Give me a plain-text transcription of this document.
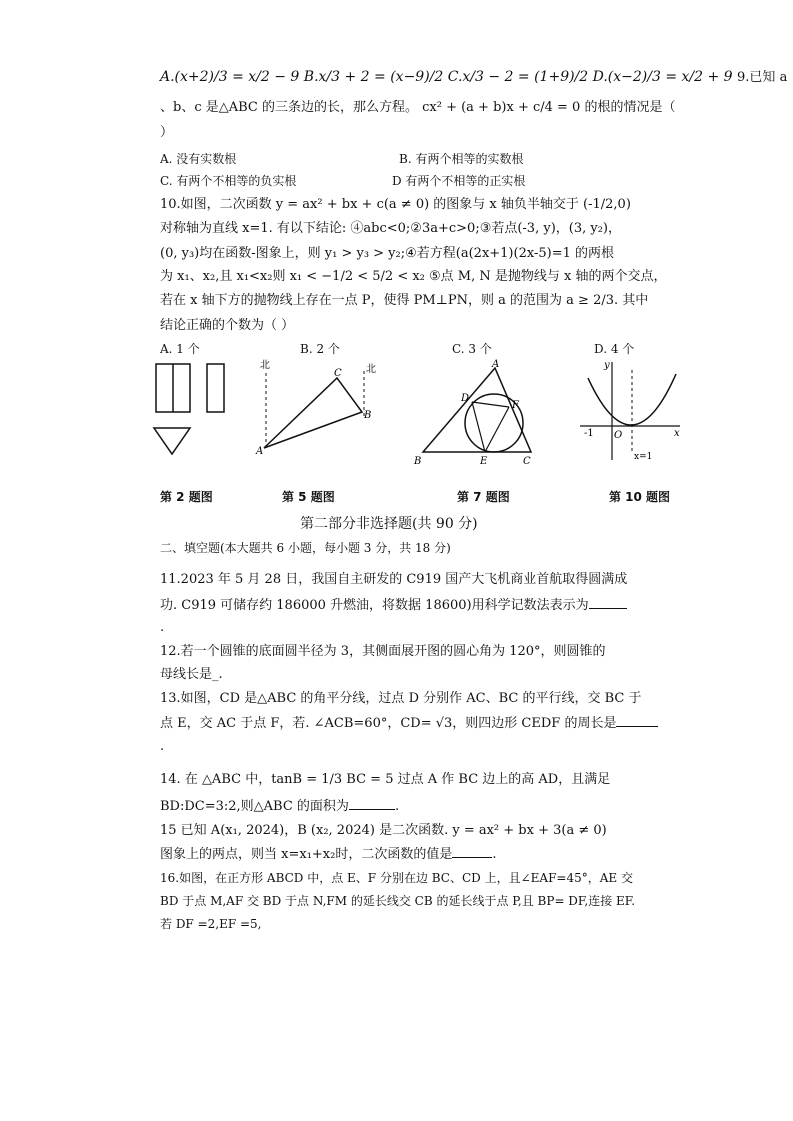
A.(x+2)/3 = x/2 − 9 B.x/3 + 2 = (x−9)/2 C.x/3 − 2 = (1+9)/2 D.(x−2)/3 = x/2 + 9 9.已知 a
、b、c 是△ABC 的三条边的长，那么方程。 cx² + (a + b)x + c/4 = 0 的根的情况是（
）
A. 没有实数根	B. 有两个相等的实数根
C. 有两个不相等的负实根	D 有两个不相等的正实根
10.如图，二次函数 y = ax² + bx + c(a ≠ 0) 的图象与 x 轴负半轴交于 (-1/2,0)
对称轴为直线 x=1. 有以下结论: ④abc<0;②3a+c>0;③若点(-3, y)，(3, y₂)，
(0, y₃)均在函数-图象上，则 y₁ > y₃ > y₂;④若方程(a(2x+1)(2x-5)=1 的两根
为 x₁、x₂,且 x₁<x₂则 x₁ < −1/2 < 5/2 < x₂ ⑤点 M, N 是抛物线与 x 轴的两个交点，
若在 x 轴下方的抛物线上存在一点 P，使得 PM⊥PN，则 a 的范围为 a ≥ 2/3. 其中
结论正确的个数为（ ）
A. 1 个	B. 2 个	C. 3 个	D. 4 个
北	北
A
B
C
A
B	C
D
E
F
y
x
-1 O
x=1
第 2 题图	第 5 题图	第 7 题图	第 10 题图
第二部分非选择题(共 90 分)
二、填空题(本大题共 6 小题，每小题 3 分，共 18 分)
11.2023 年 5 月 28 日，我国自主研发的 C919 国产大飞机商业首航取得圆满成
功. C919 可储存约 186000 升燃油，将数据 18600)用科学记数法表示为
.
12.若一个圆锥的底面圆半径为 3，其侧面展开图的圆心角为 120°，则圆锥的
母线长是_.
13.如图，CD 是△ABC 的角平分线，过点 D 分别作 AC、BC 的平行线，交 BC 于
点 E，交 AC 于点 F，若. ∠ACB=60°，CD= √3，则四边形 CEDF 的周长是
.
14. 在 △ABC 中，tanB = 1/3 BC = 5 过点 A 作 BC 边上的高 AD，且满足
BD:DC=3:2,则△ABC 的面积为	.
15 已知 A(x₁, 2024)，B (x₂, 2024) 是二次函数. y = ax² + bx + 3(a ≠ 0)
图象上的两点，则当 x=x₁+x₂时，二次函数的值是	.
16.如图，在正方形 ABCD 中，点 E、F 分别在边 BC、CD 上，且∠EAF=45°，AE 交
BD 于点 M,AF 交 BD 于点 N,FM 的延长线交 CB 的延长线于点 P,且 BP= DF,连接 EF.
若 DF =2,EF =5,
